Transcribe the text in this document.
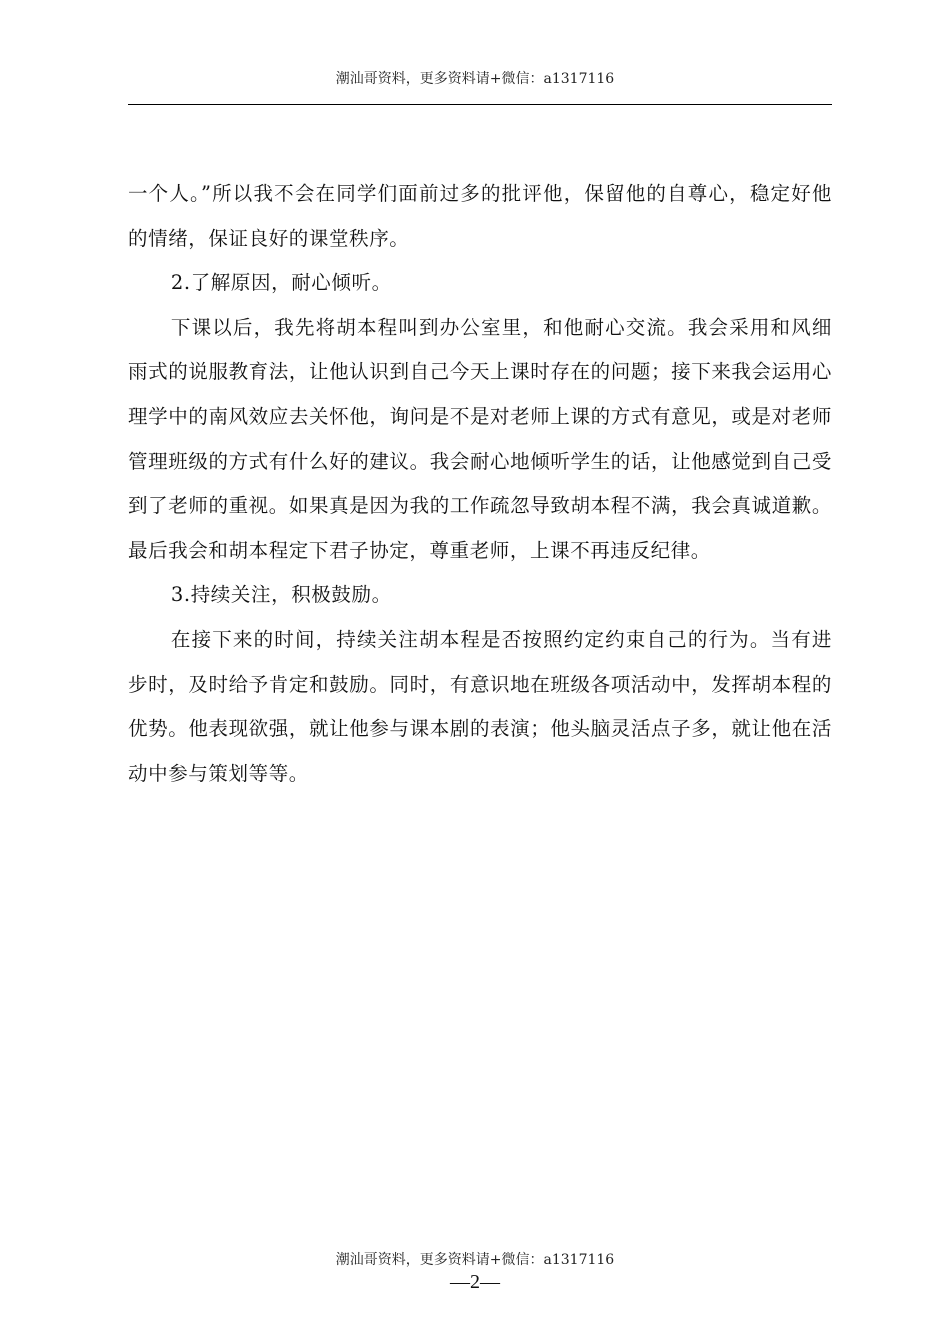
潮汕哥资料，更多资料请+微信：a1317116

一个人。”所以我不会在同学们面前过多的批评他，保留他的自尊心，稳定好他的情绪，保证良好的课堂秩序。

2.了解原因，耐心倾听。

下课以后，我先将胡本程叫到办公室里，和他耐心交流。我会采用和风细雨式的说服教育法，让他认识到自己今天上课时存在的问题；接下来我会运用心理学中的南风效应去关怀他，询问是不是对老师上课的方式有意见，或是对老师管理班级的方式有什么好的建议。我会耐心地倾听学生的话，让他感觉到自己受到了老师的重视。如果真是因为我的工作疏忽导致胡本程不满，我会真诚道歉。最后我会和胡本程定下君子协定，尊重老师，上课不再违反纪律。

3.持续关注，积极鼓励。

在接下来的时间，持续关注胡本程是否按照约定约束自己的行为。当有进步时，及时给予肯定和鼓励。同时，有意识地在班级各项活动中，发挥胡本程的优势。他表现欲强，就让他参与课本剧的表演；他头脑灵活点子多，就让他在活动中参与策划等等。

潮汕哥资料，更多资料请+微信：a1317116
—2—
